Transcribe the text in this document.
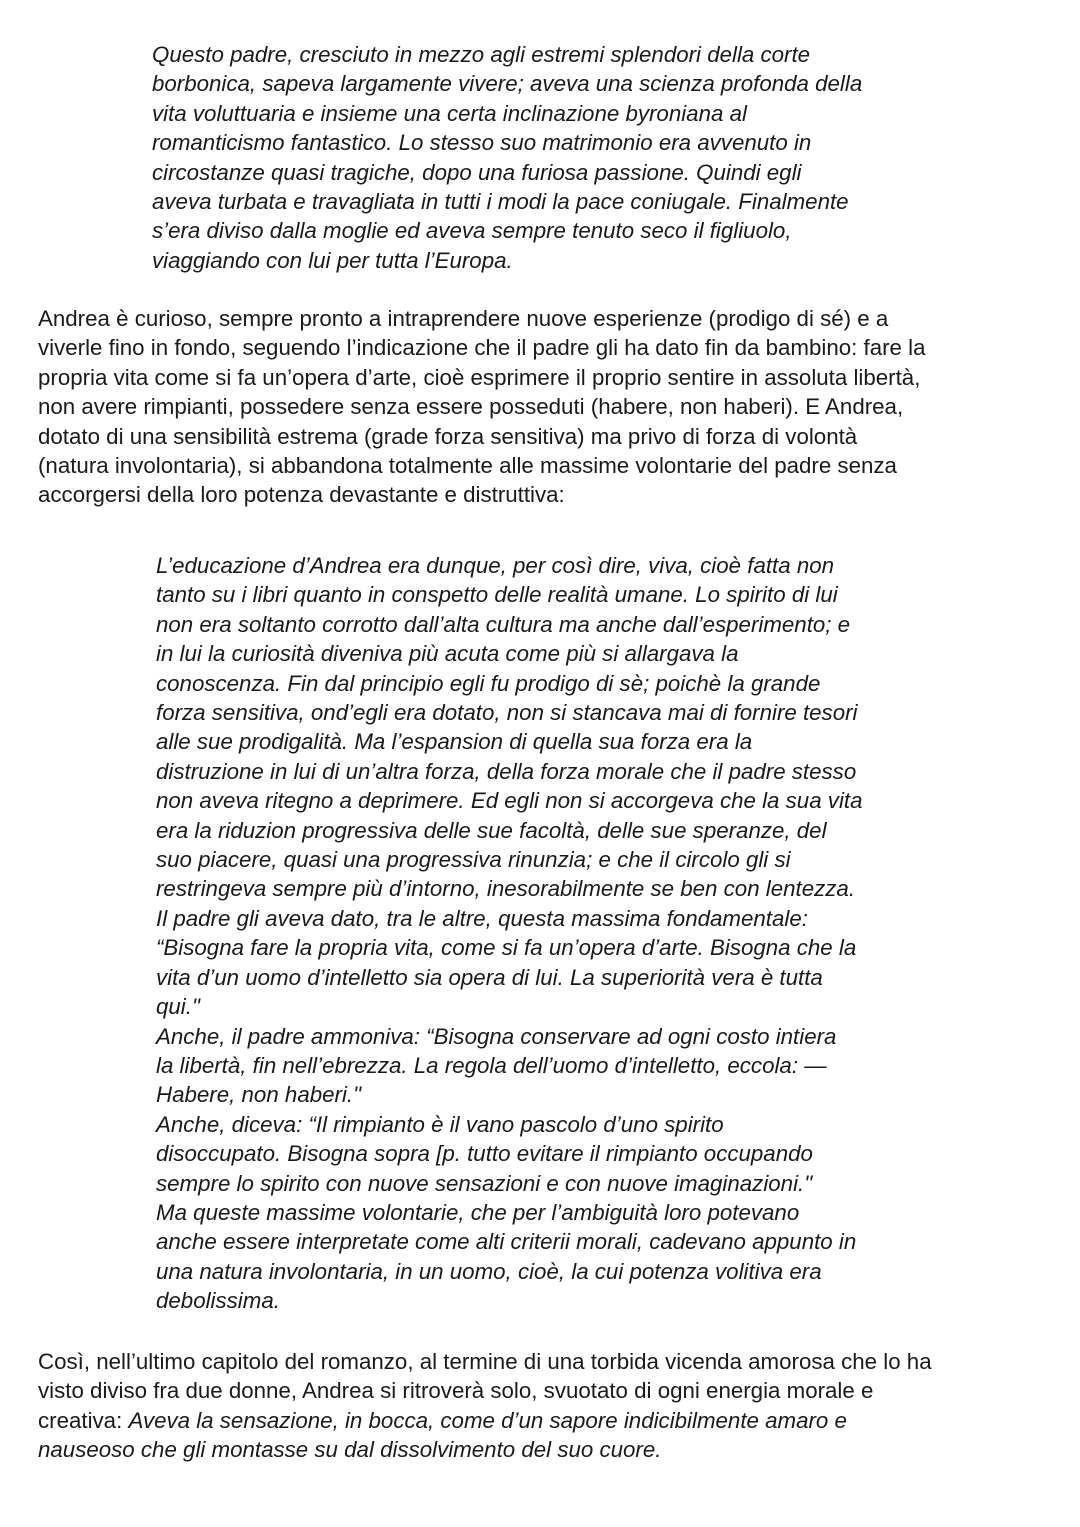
Questo padre, cresciuto in mezzo agli estremi splendori della corte
borbonica, sapeva largamente vivere; aveva una scienza profonda della
vita voluttuaria e insieme una certa inclinazione byroniana al
romanticismo fantastico. Lo stesso suo matrimonio era avvenuto in
circostanze quasi tragiche, dopo una furiosa passione. Quindi egli
aveva turbata e travagliata in tutti i modi la pace coniugale. Finalmente
s’era diviso dalla moglie ed aveva sempre tenuto seco il figliuolo,
viaggiando con lui per tutta l’Europa.
Andrea è curioso, sempre pronto a intraprendere nuove esperienze (prodigo di sé) e a
viverle fino in fondo, seguendo l’indicazione che il padre gli ha dato fin da bambino: fare la
propria vita come si fa un’opera d’arte, cioè esprimere il proprio sentire in assoluta libertà,
non avere rimpianti, possedere senza essere posseduti (habere, non haberi). E Andrea,
dotato di una sensibilità estrema (grade forza sensitiva) ma privo di forza di volontà
(natura involontaria), si abbandona totalmente alle massime volontarie del padre senza
accorgersi della loro potenza devastante e distruttiva:
L’educazione d’Andrea era dunque, per così dire, viva, cioè fatta non
tanto su i libri quanto in conspetto delle realità umane. Lo spirito di lui
non era soltanto corrotto dall’alta cultura ma anche dall’esperimento; e
in lui la curiosità diveniva più acuta come più si allargava la
conoscenza. Fin dal principio egli fu prodigo di sè; poichè la grande
forza sensitiva, ond’egli era dotato, non si stancava mai di fornire tesori
alle sue prodigalità. Ma l’espansion di quella sua forza era la
distruzione in lui di un’altra forza, della forza morale che il padre stesso
non aveva ritegno a deprimere. Ed egli non si accorgeva che la sua vita
era la riduzion progressiva delle sue facoltà, delle sue speranze, del
suo piacere, quasi una progressiva rinunzia; e che il circolo gli si
restringeva sempre più d’intorno, inesorabilmente se ben con lentezza.
Il padre gli aveva dato, tra le altre, questa massima fondamentale:
“Bisogna fare la propria vita, come si fa un’opera d’arte. Bisogna che la
vita d’un uomo d’intelletto sia opera di lui. La superiorità vera è tutta
qui."
Anche, il padre ammoniva: “Bisogna conservare ad ogni costo intiera
la libertà, fin nell’ebrezza. La regola dell’uomo d’intelletto, eccola: —
Habere, non haberi."
Anche, diceva: “Il rimpianto è il vano pascolo d’uno spirito
disoccupato. Bisogna sopra [p. tutto evitare il rimpianto occupando
sempre lo spirito con nuove sensazioni e con nuove imaginazioni."
Ma queste massime volontarie, che per l’ambiguità loro potevano
anche essere interpretate come alti criterii morali, cadevano appunto in
una natura involontaria, in un uomo, cioè, la cui potenza volitiva era
debolissima.
Così, nell’ultimo capitolo del romanzo, al termine di una torbida vicenda amorosa che lo ha
visto diviso fra due donne, Andrea si ritroverà solo, svuotato di ogni energia morale e
creativa: Aveva la sensazione, in bocca, come d’un sapore indicibilmente amaro e
nauseoso che gli montasse su dal dissolvimento del suo cuore.
